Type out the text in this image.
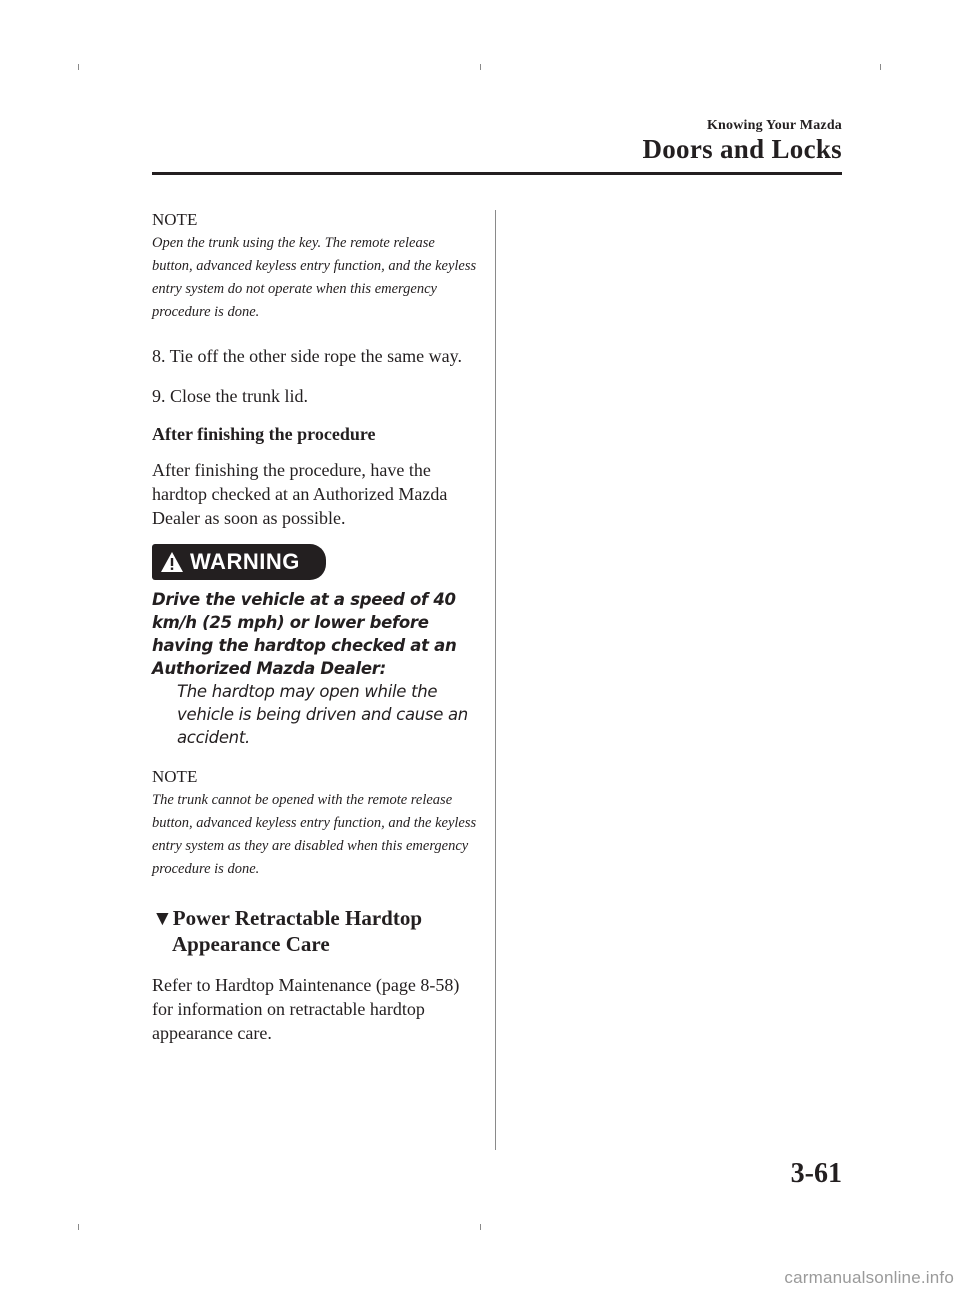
Knowing Your Mazda
Doors and Locks

NOTE

Open the trunk using the key. The remote release button, advanced keyless entry function, and the keyless entry system do not operate when this emergency procedure is done.

8. Tie off the other side rope the same way.

9. Close the trunk lid.

After finishing the procedure

After finishing the procedure, have the hardtop checked at an Authorized Mazda Dealer as soon as possible.

WARNING

Drive the vehicle at a speed of 40 km/h (25 mph) or lower before having the hardtop checked at an Authorized Mazda Dealer:

The hardtop may open while the vehicle is being driven and cause an accident.

NOTE

The trunk cannot be opened with the remote release button, advanced keyless entry function, and the keyless entry system as they are disabled when this emergency procedure is done.

▼Power Retractable Hardtop Appearance Care

Refer to Hardtop Maintenance (page 8-58) for information on retractable hardtop appearance care.

3-61
carmanualsonline.info
